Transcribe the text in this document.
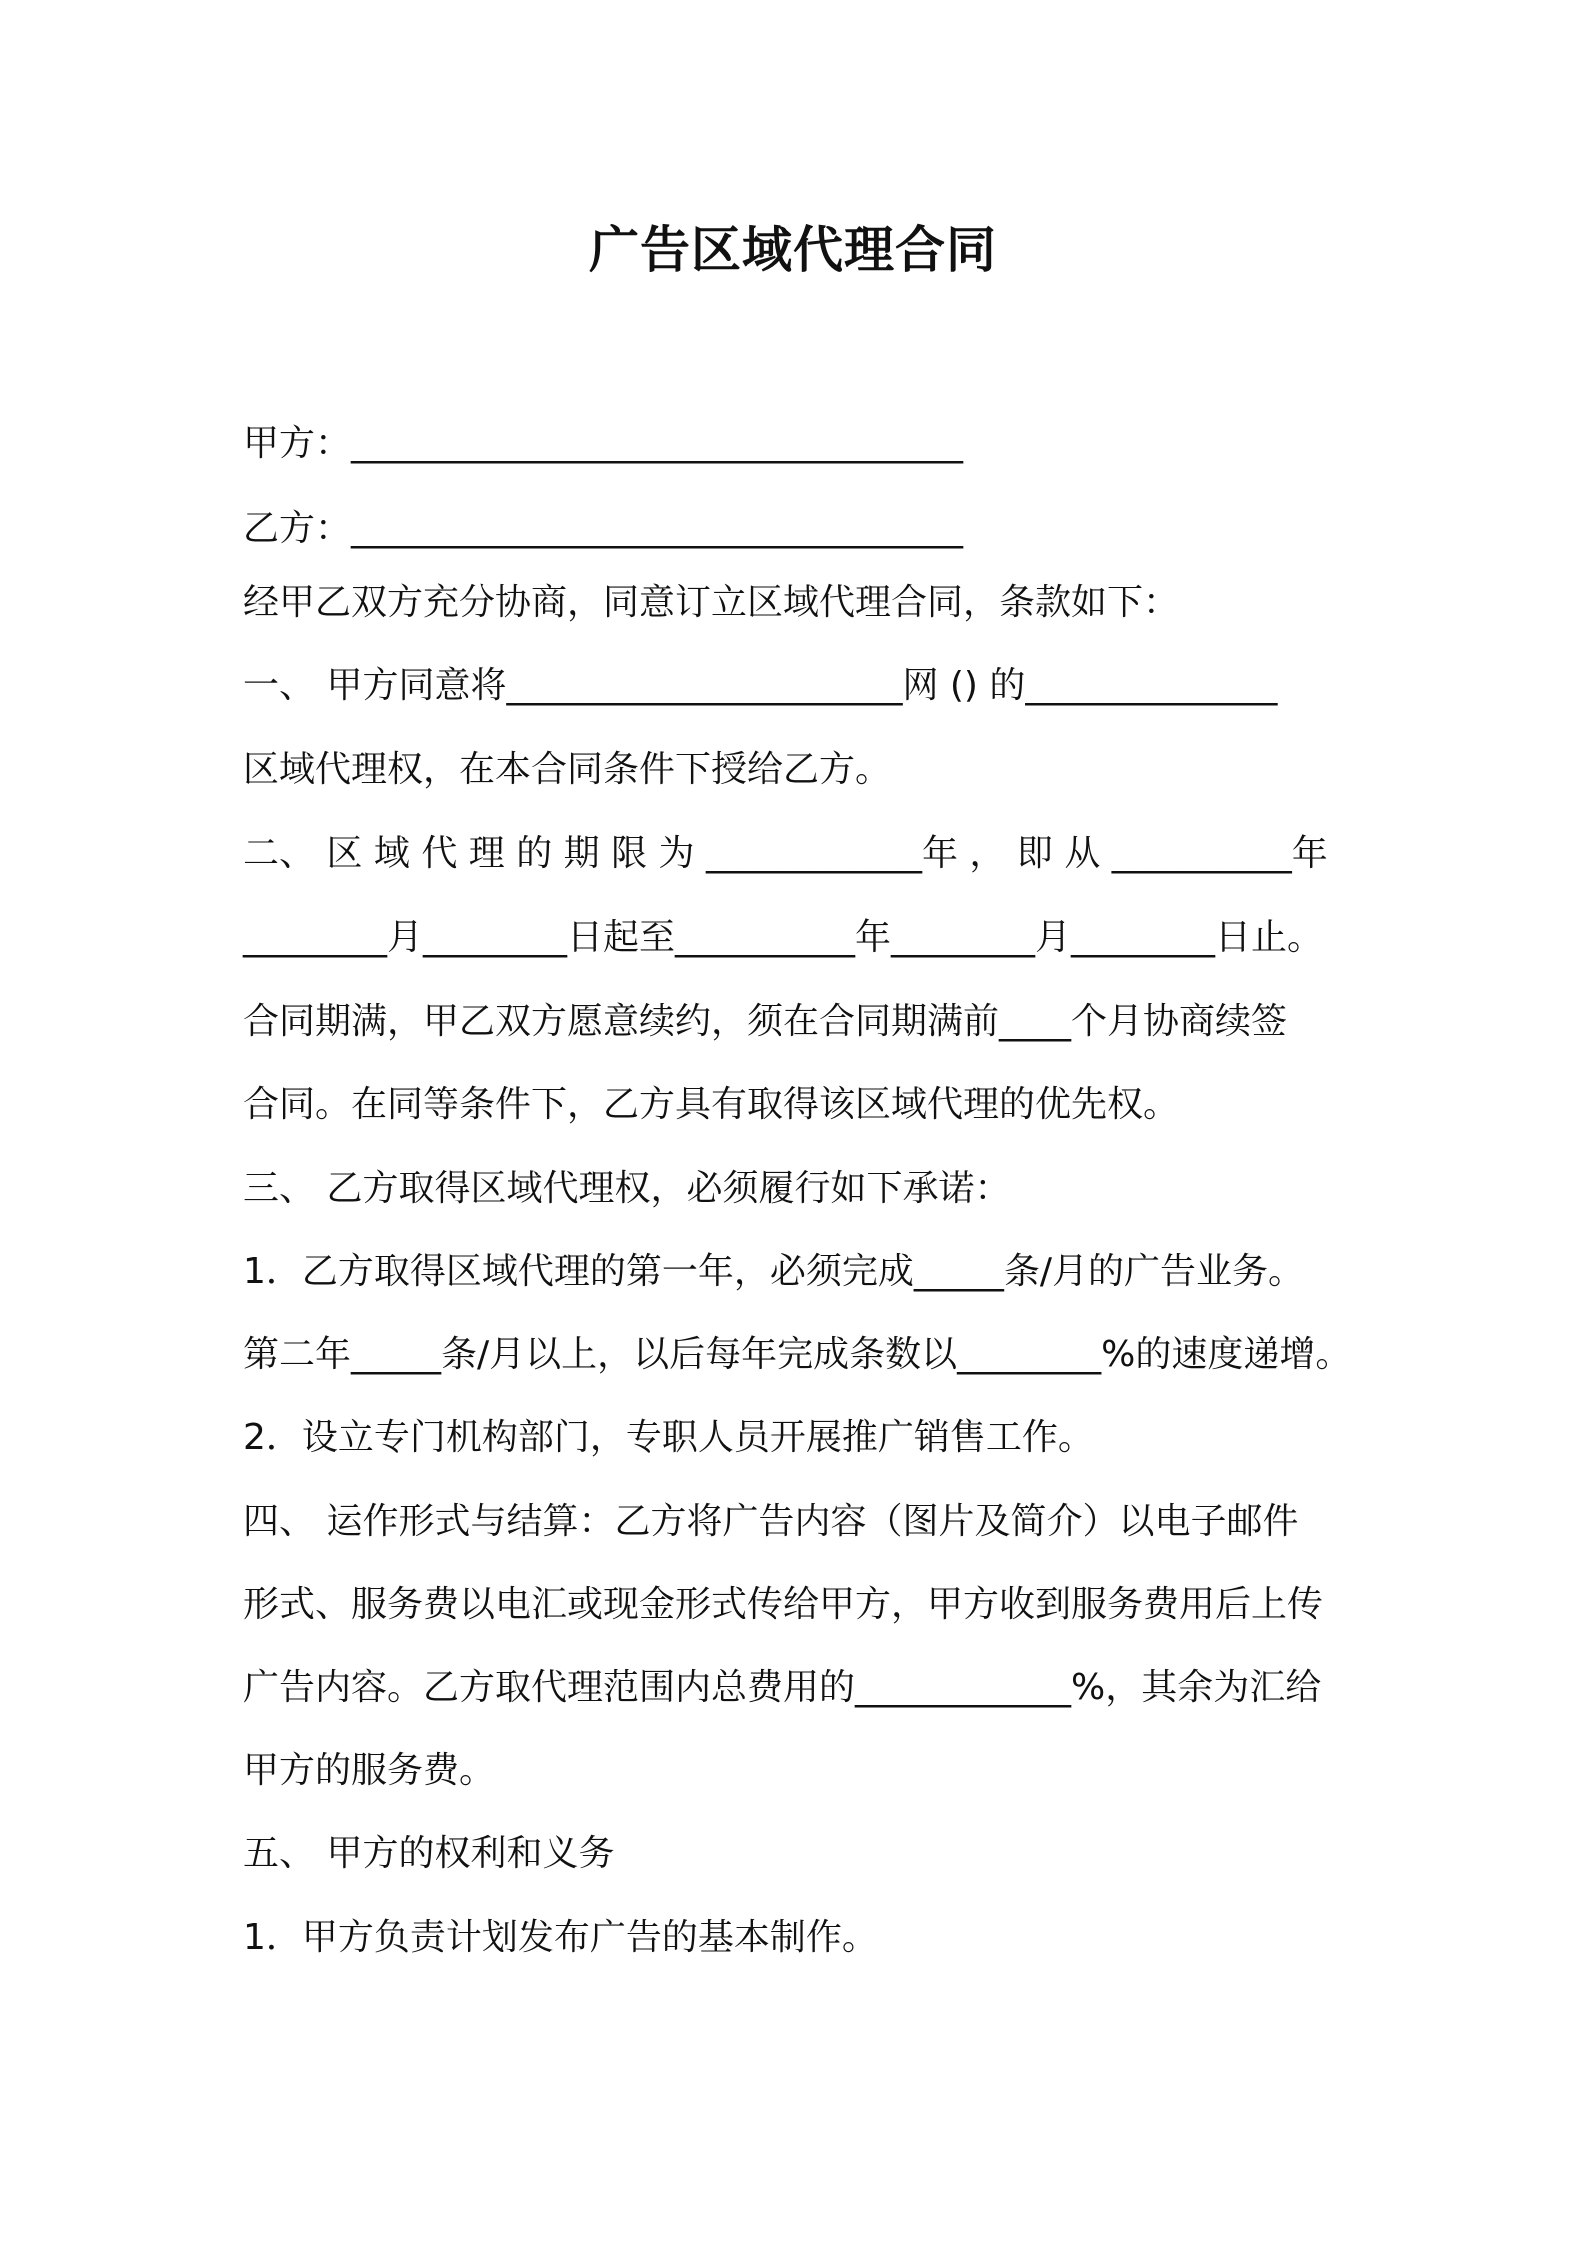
广告区域代理合同
甲方：__________________________________
乙方：__________________________________
经甲乙双方充分协商，同意订立区域代理合同，条款如下：
一、 甲方同意将______________________网 () 的______________
区域代理权，在本合同条件下授给乙方。
二、 区 域 代 理 的 期 限 为 ____________年 ， 即 从 __________年
________月________日起至__________年________月________日止。
合同期满，甲乙双方愿意续约，须在合同期满前____个月协商续签
合同。在同等条件下，乙方具有取得该区域代理的优先权。
三、 乙方取得区域代理权，必须履行如下承诺：
1．乙方取得区域代理的第一年，必须完成_____条/月的广告业务。
第二年_____条/月以上，以后每年完成条数以________%的速度递增。
2．设立专门机构部门，专职人员开展推广销售工作。
四、 运作形式与结算：乙方将广告内容（图片及简介）以电子邮件
形式、服务费以电汇或现金形式传给甲方，甲方收到服务费用后上传
广告内容。乙方取代理范围内总费用的____________%，其余为汇给
甲方的服务费。
五、 甲方的权利和义务
1．甲方负责计划发布广告的基本制作。
